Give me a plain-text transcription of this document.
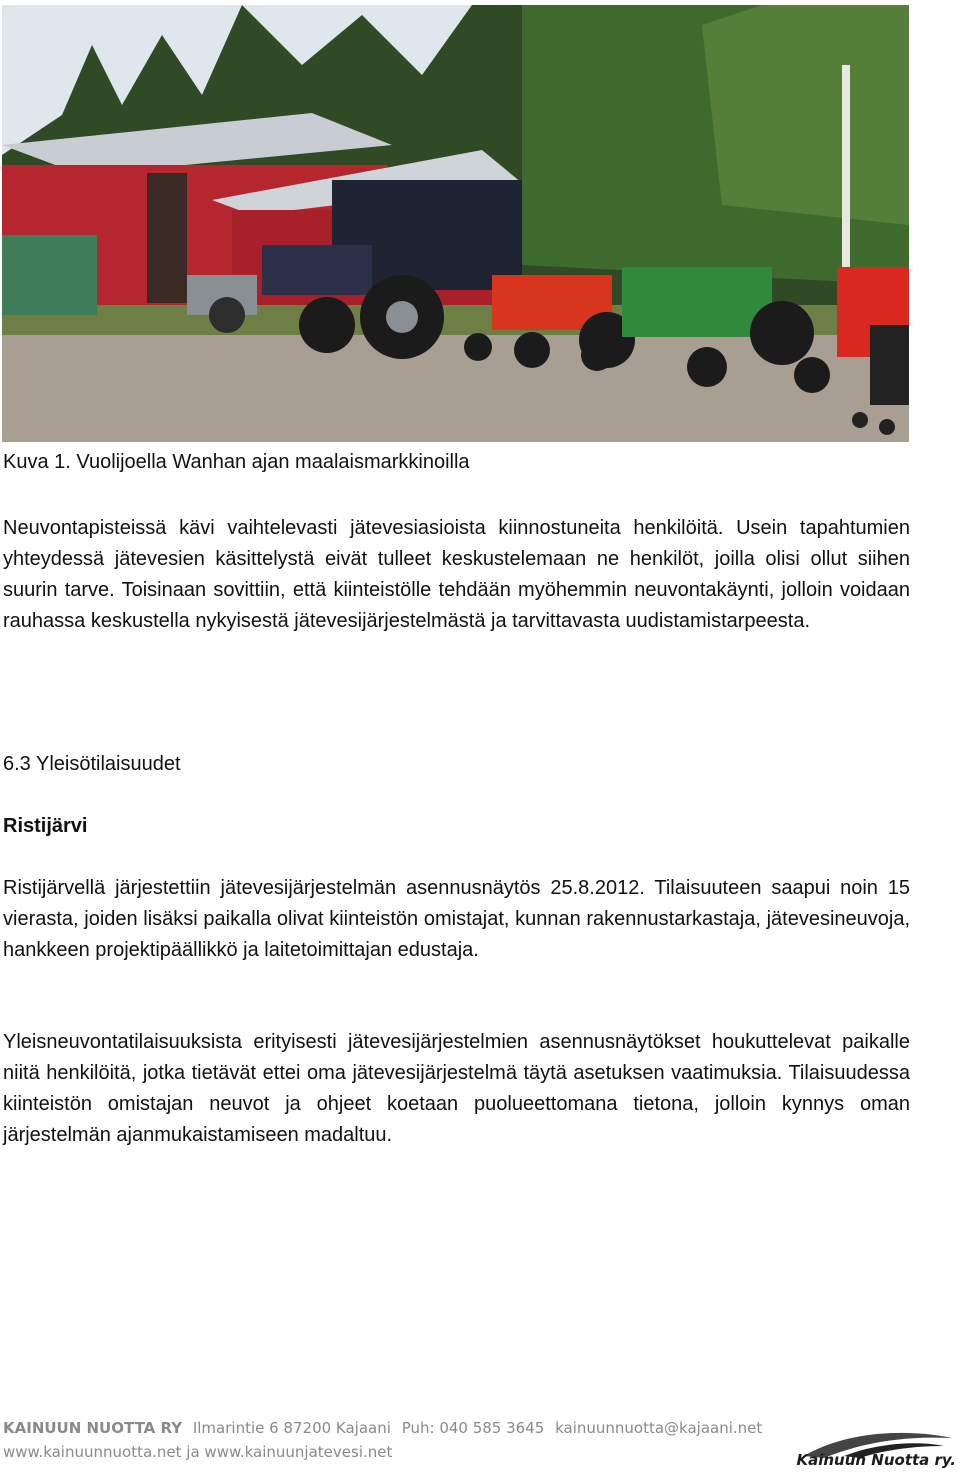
Kuva 1. Vuolijoella Wanhan ajan maalaismarkkinoilla

Neuvontapisteissä kävi vaihtelevasti jätevesiasioista kiinnostuneita henkilöitä. Usein tapahtumien yhteydessä jätevesien käsittelystä eivät tulleet keskustelemaan ne henkilöt, joilla olisi ollut siihen suurin tarve. Toisinaan sovittiin, että kiinteistölle tehdään myöhemmin neuvontakäynti, jolloin voidaan rauhassa keskustella nykyisestä jätevesijärjestelmästä ja tarvittavasta uudistamistarpeesta.

6.3 Yleisötilaisuudet
Ristijärvi

Ristijärvellä järjestettiin jätevesijärjestelmän asennusnäytös 25.8.2012. Tilaisuuteen saapui noin 15 vierasta, joiden lisäksi paikalla olivat kiinteistön omistajat, kunnan rakennustarkastaja, jätevesineuvoja, hankkeen projektipäällikkö ja laitetoimittajan edustaja.

Yleisneuvontatilaisuuksista erityisesti jätevesijärjestelmien asennusnäytökset houkuttelevat paikalle niitä henkilöitä, jotka tietävät ettei oma jätevesijärjestelmä täytä asetuksen vaatimuksia. Tilaisuudessa kiinteistön omistajan neuvot ja ohjeet koetaan puolueettomana tietona, jolloin kynnys oman järjestelmän ajanmukaistamiseen madaltuu.

KAINUUN NUOTTA RY Ilmarintie 6 87200 Kajaani Puh: 040 585 3645 kainuunnuotta@kajaani.net
www.kainuunnuotta.net ja www.kainuunjatevesi.net	Kainuun Nuotta ry.
